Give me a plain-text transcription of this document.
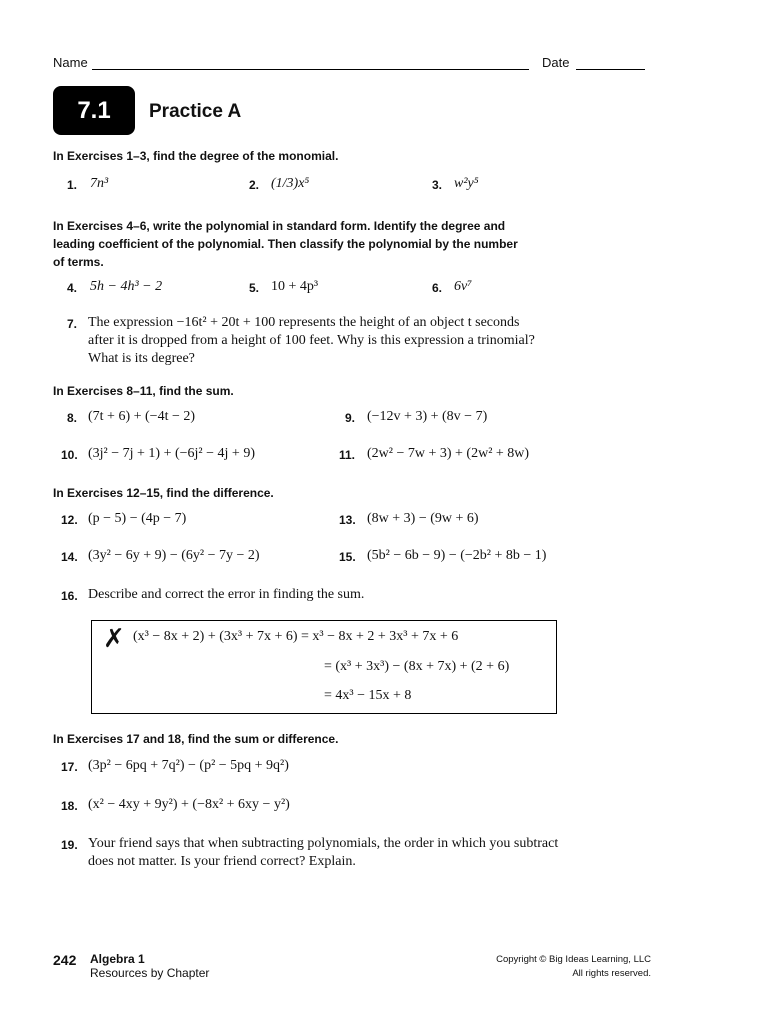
Name	Date
7.1	Practice A
In Exercises 1–3, find the degree of the monomial.
1. 7n³	2. (1/3)x⁵	3. w²y⁵
In Exercises 4–6, write the polynomial in standard form. Identify the degree and
leading coefficient of the polynomial. Then classify the polynomial by the number
of terms.
4. 5h − 4h³ − 2	5. 10 + 4p³	6. 6v⁷
7. The expression −16t² + 20t + 100 represents the height of an object t seconds
after it is dropped from a height of 100 feet. Why is this expression a trinomial?
What is its degree?
In Exercises 8–11, find the sum.
8. (7t + 6) + (−4t − 2)	9. (−12v + 3) + (8v − 7)
10. (3j² − 7j + 1) + (−6j² − 4j + 9)	11. (2w² − 7w + 3) + (2w² + 8w)
In Exercises 12–15, find the difference.
12. (p − 5) − (4p − 7)	13. (8w + 3) − (9w + 6)
14. (3y² − 6y + 9) − (6y² − 7y − 2)	15. (5b² − 6b − 9) − (−2b² + 8b − 1)
16. Describe and correct the error in finding the sum.
✗ (x³ − 8x + 2) + (3x³ + 7x + 6) = x³ − 8x + 2 + 3x³ + 7x + 6
= (x³ + 3x³) − (8x + 7x) + (2 + 6)
= 4x³ − 15x + 8
In Exercises 17 and 18, find the sum or difference.
17. (3p² − 6pq + 7q²) − (p² − 5pq + 9q²)
18. (x² − 4xy + 9y²) + (−8x² + 6xy − y²)
19. Your friend says that when subtracting polynomials, the order in which you subtract
does not matter. Is your friend correct? Explain.
242 Algebra 1
Resources by Chapter
Copyright © Big Ideas Learning, LLC
All rights reserved.
